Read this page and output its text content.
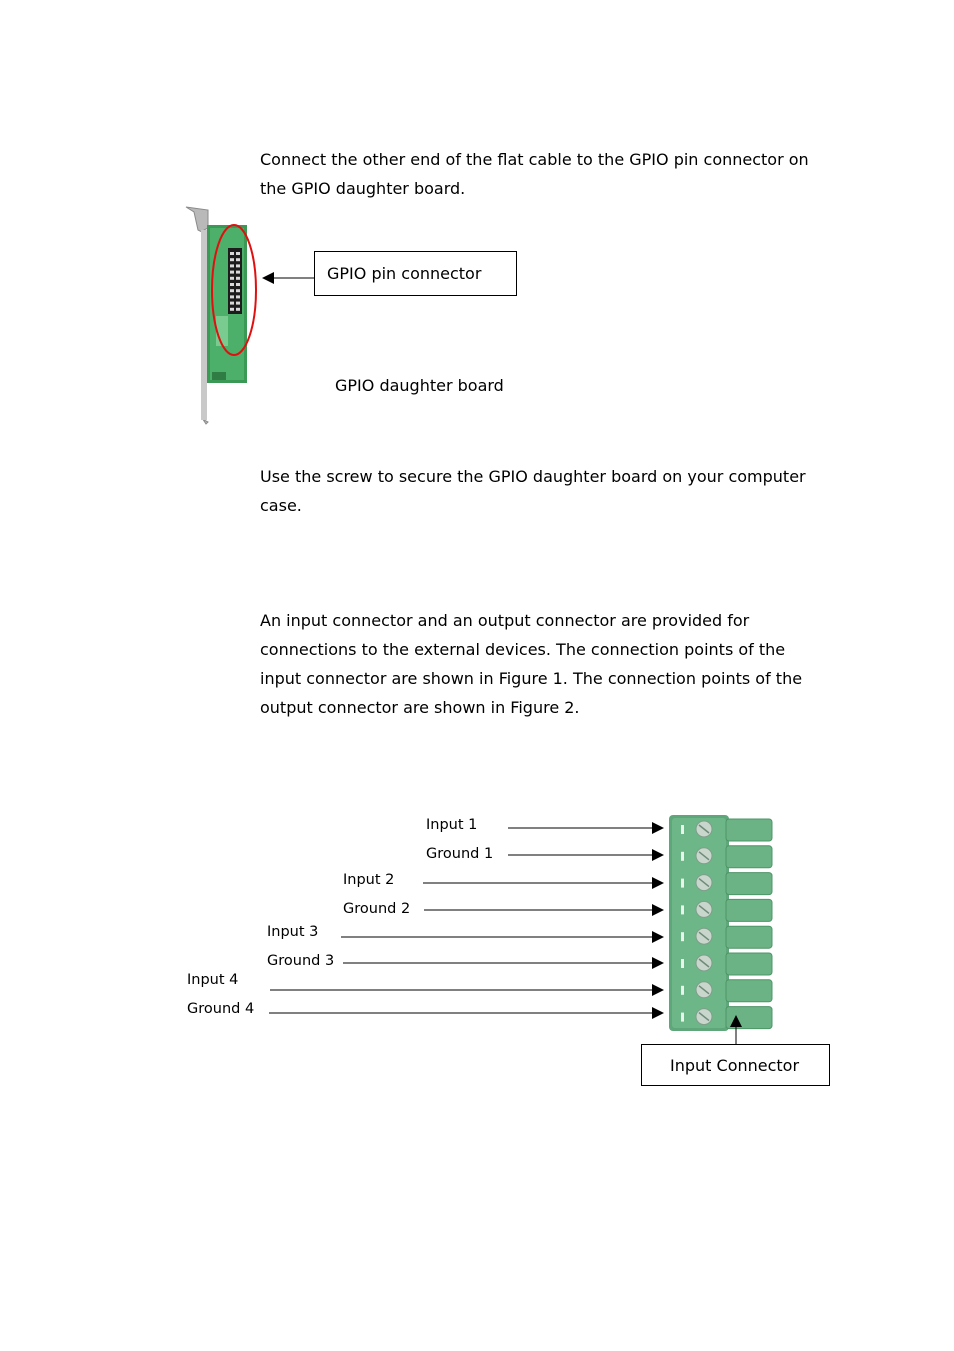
Connect the other end of the flat cable to the GPIO pin connector on the GPIO daughter board.

GPIO pin connector
GPIO daughter board

Use the screw to secure the GPIO daughter board on your computer case.

An input connector and an output connector are provided for connections to the external devices. The connection points of the input connector are shown in Figure 1. The connection points of the output connector are shown in Figure 2.

Input 1
Ground 1
Input 2
Ground 2
Input 3
Ground 3
Input 4
Ground 4
Input Connector
